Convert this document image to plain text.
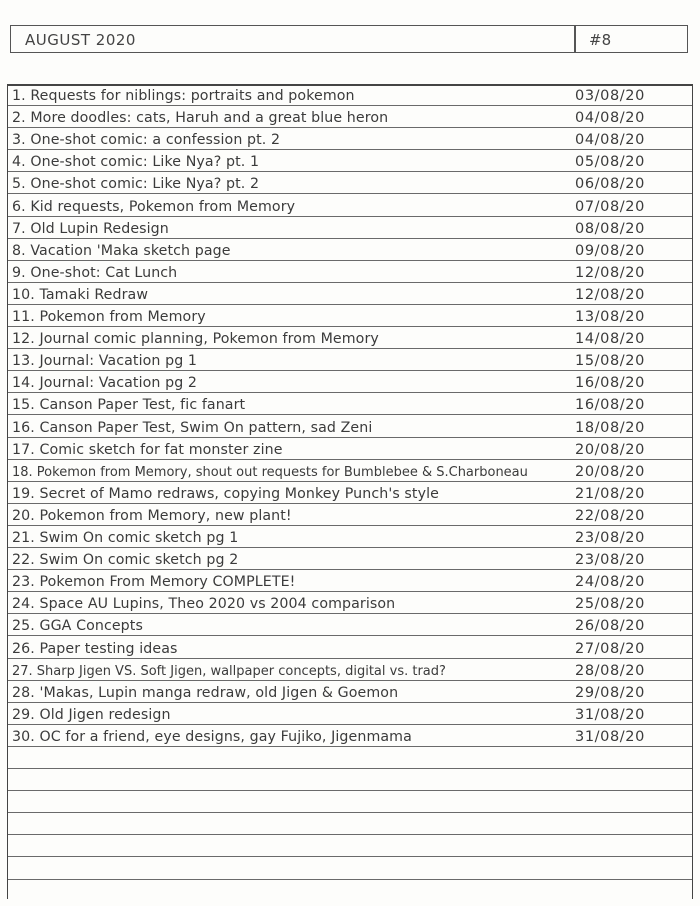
AUGUST 2020	#8
1. Requests for niblings: portraits and pokemon	03/08/20
2. More doodles: cats, Haruh and a great blue heron	04/08/20
3. One-shot comic: a confession pt. 2	04/08/20
4. One-shot comic: Like Nya? pt. 1	05/08/20
5. One-shot comic: Like Nya? pt. 2	06/08/20
6. Kid requests, Pokemon from Memory	07/08/20
7. Old Lupin Redesign	08/08/20
8. Vacation 'Maka sketch page	09/08/20
9. One-shot: Cat Lunch	12/08/20
10. Tamaki Redraw	12/08/20
11. Pokemon from Memory	13/08/20
12. Journal comic planning, Pokemon from Memory	14/08/20
13. Journal: Vacation pg 1	15/08/20
14. Journal: Vacation pg 2	16/08/20
15. Canson Paper Test, fic fanart	16/08/20
16. Canson Paper Test, Swim On pattern, sad Zeni	18/08/20
17. Comic sketch for fat monster zine	20/08/20
18. Pokemon from Memory, shout out requests for Bumblebee & S.Charboneau	20/08/20
19. Secret of Mamo redraws, copying Monkey Punch's style	21/08/20
20. Pokemon from Memory, new plant!	22/08/20
21. Swim On comic sketch pg 1	23/08/20
22. Swim On comic sketch pg 2	23/08/20
23. Pokemon From Memory COMPLETE!	24/08/20
24. Space AU Lupins, Theo 2020 vs 2004 comparison	25/08/20
25. GGA Concepts	26/08/20
26. Paper testing ideas	27/08/20
27. Sharp Jigen VS. Soft Jigen, wallpaper concepts, digital vs. trad?	28/08/20
28. 'Makas, Lupin manga redraw, old Jigen & Goemon	29/08/20
29. Old Jigen redesign	31/08/20
30. OC for a friend, eye designs, gay Fujiko, Jigenmama	31/08/20
